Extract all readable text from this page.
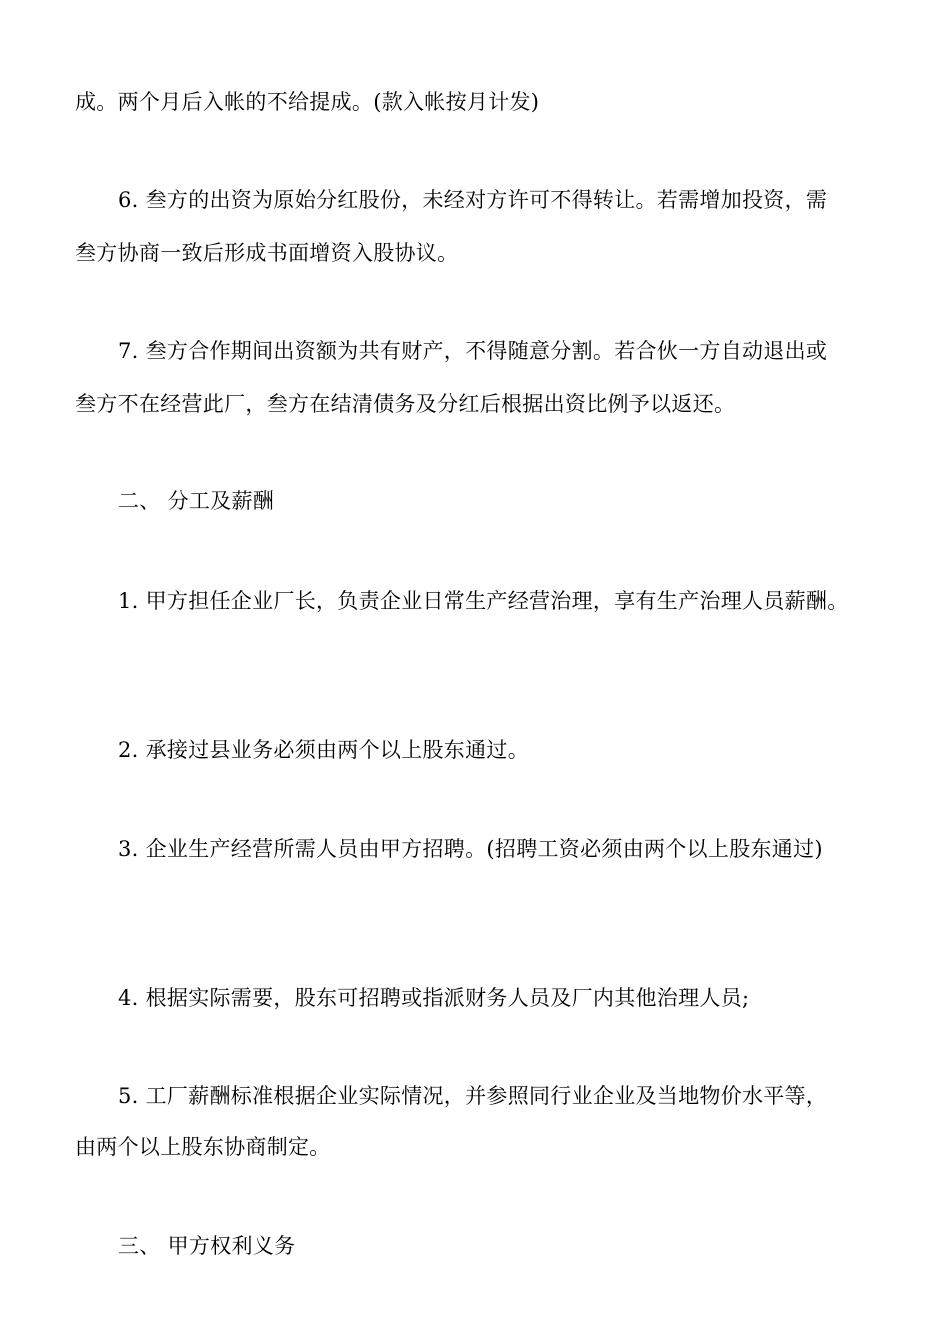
成。两个月后入帐的不给提成。(款入帐按月计发)
6. 叁方的出资为原始分红股份，未经对方许可不得转让。若需增加投资，需
叁方协商一致后形成书面增资入股协议。
7. 叁方合作期间出资额为共有财产，不得随意分割。若合伙一方自动退出或
叁方不在经营此厂，叁方在结清债务及分红后根据出资比例予以返还。
二、 分工及薪酬
1. 甲方担任企业厂长，负责企业日常生产经营治理，享有生产治理人员薪酬。
2. 承接过县业务必须由两个以上股东通过。
3. 企业生产经营所需人员由甲方招聘。(招聘工资必须由两个以上股东通过)
4. 根据实际需要，股东可招聘或指派财务人员及厂内其他治理人员;
5. 工厂薪酬标准根据企业实际情况，并参照同行业企业及当地物价水平等，
由两个以上股东协商制定。
三、 甲方权利义务
